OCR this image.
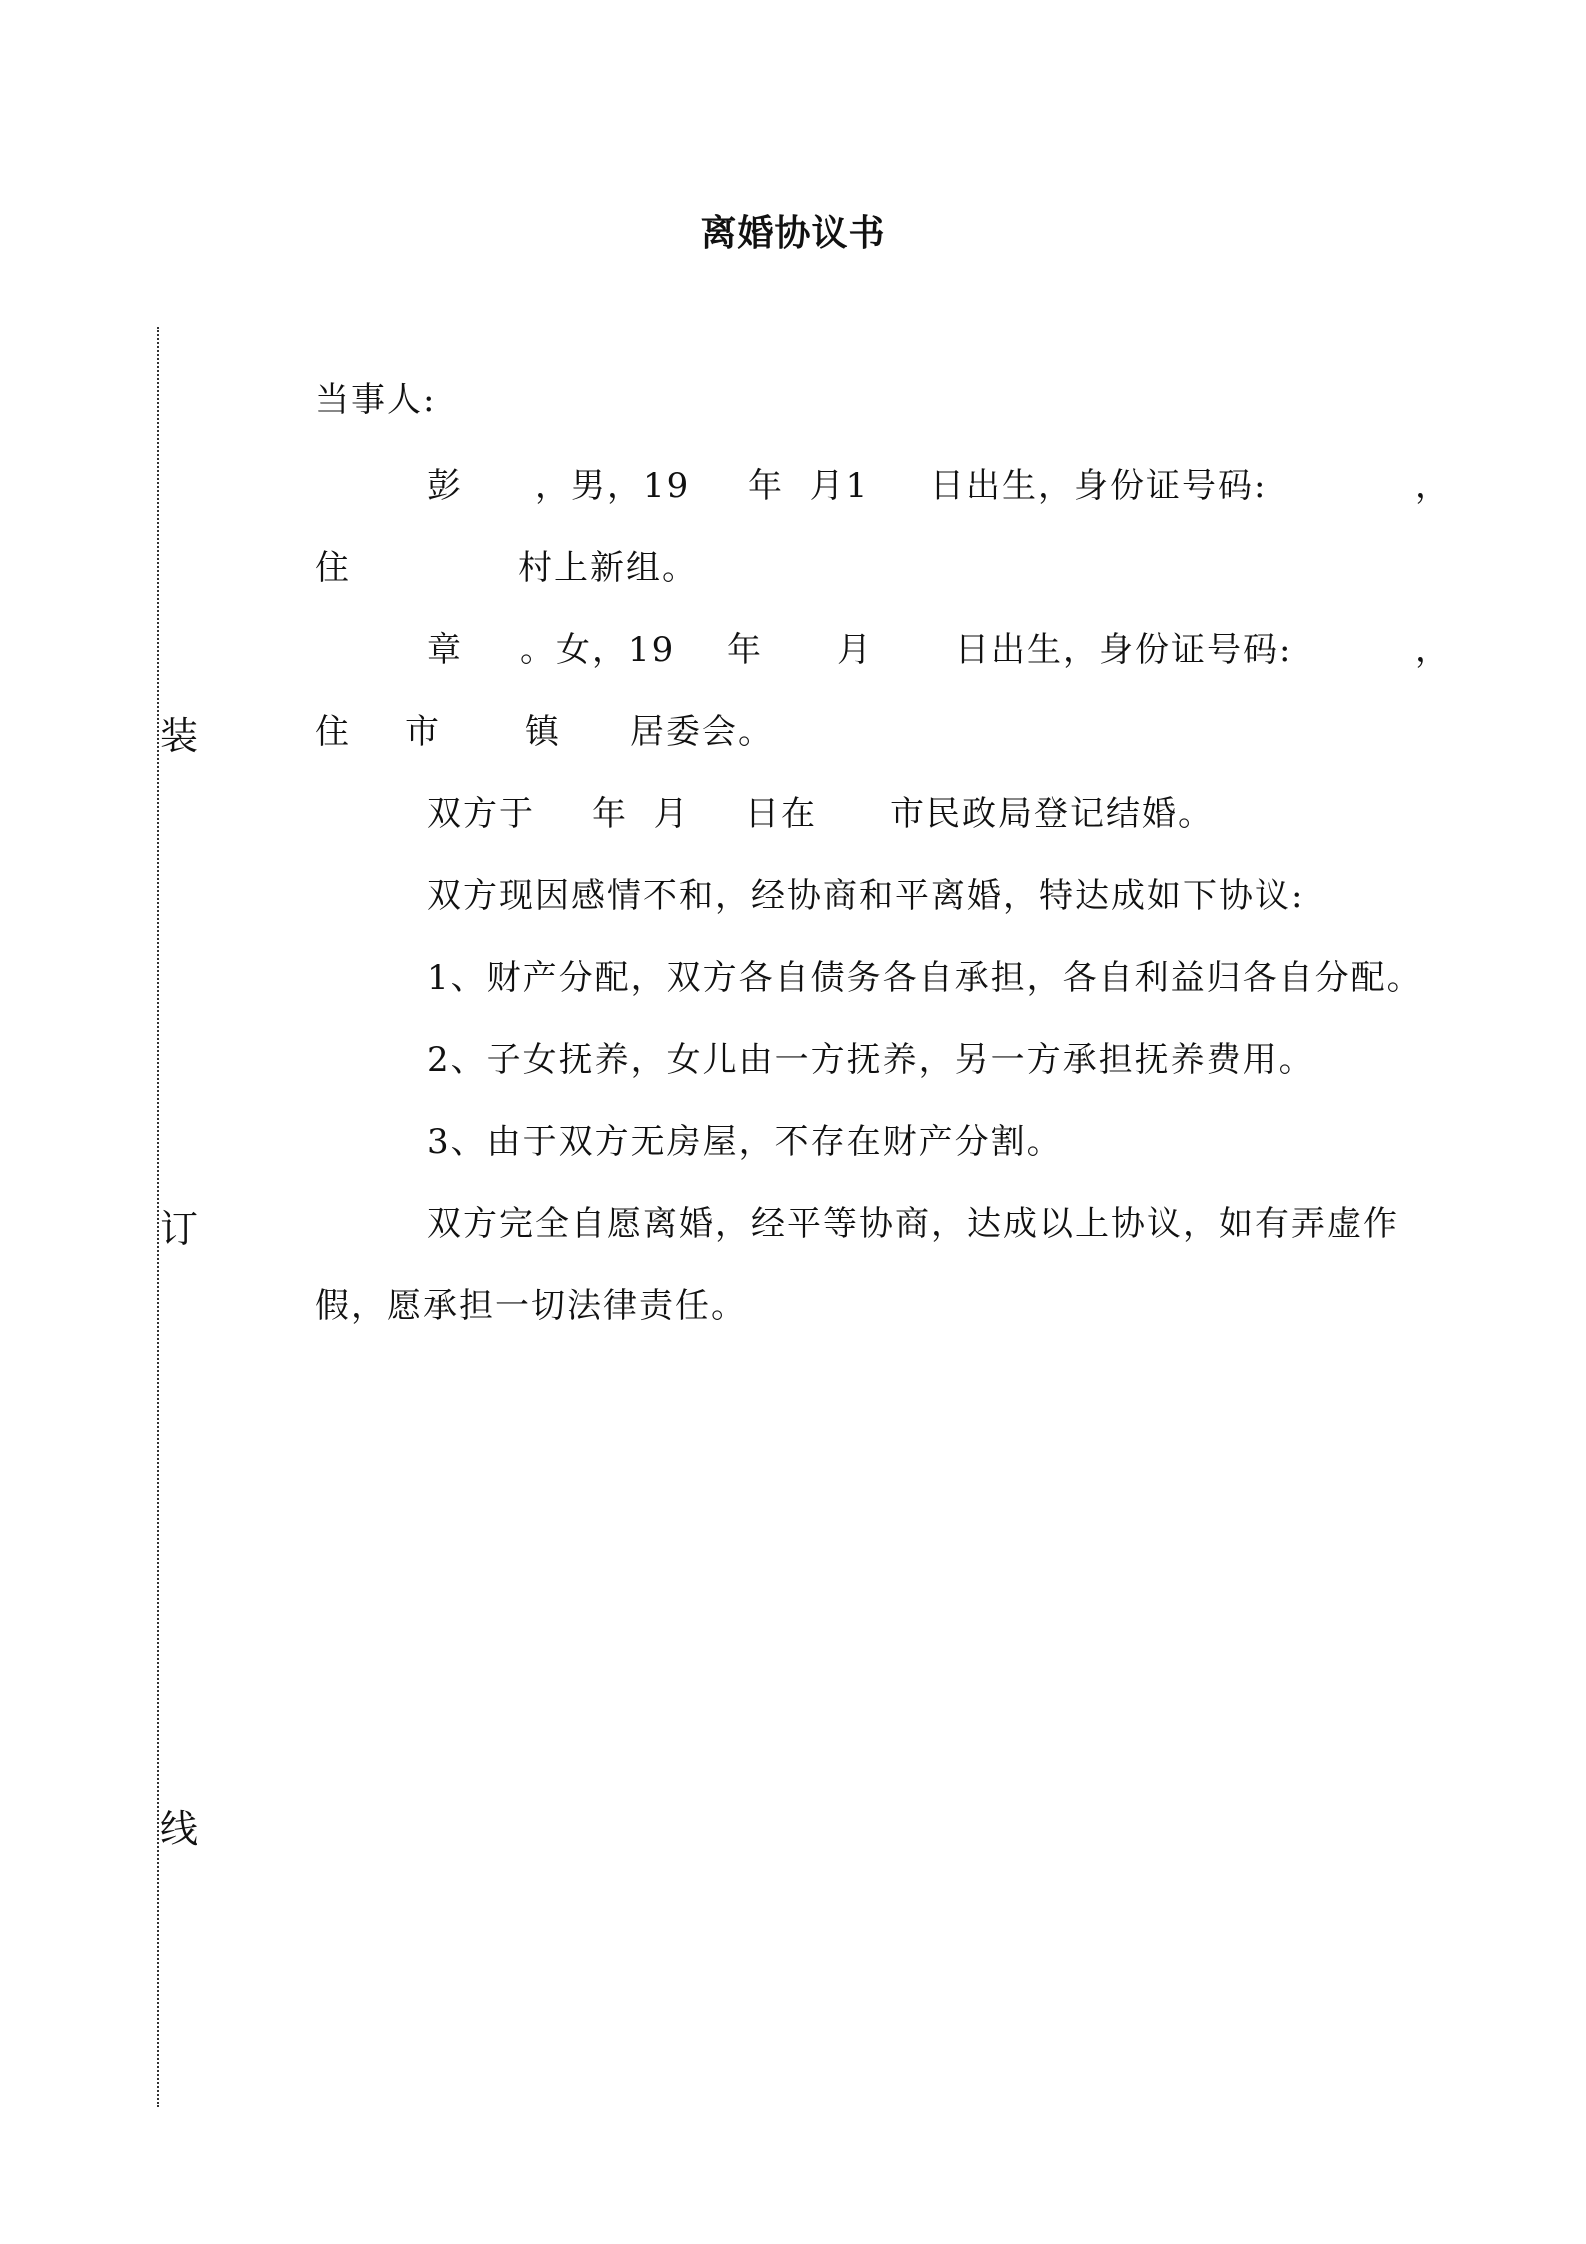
离婚协议书
装
订
线
当事人:
彭 ，男，19 年  月1 日出生，身份证号码:	，
住	村上新组。
章 。女，19 年 月 日出生，身份证号码:	，
住 市 镇 居委会。
双方于 年  月 日在 市民政局登记结婚。
双方现因感情不和，经协商和平离婚，特达成如下协议:
1、财产分配，双方各自债务各自承担，各自利益归各自分配。
2、子女抚养，女儿由一方抚养，另一方承担抚养费用。
3、由于双方无房屋，不存在财产分割。
双方完全自愿离婚，经平等协商，达成以上协议，如有弄虚作
假，愿承担一切法律责任。
